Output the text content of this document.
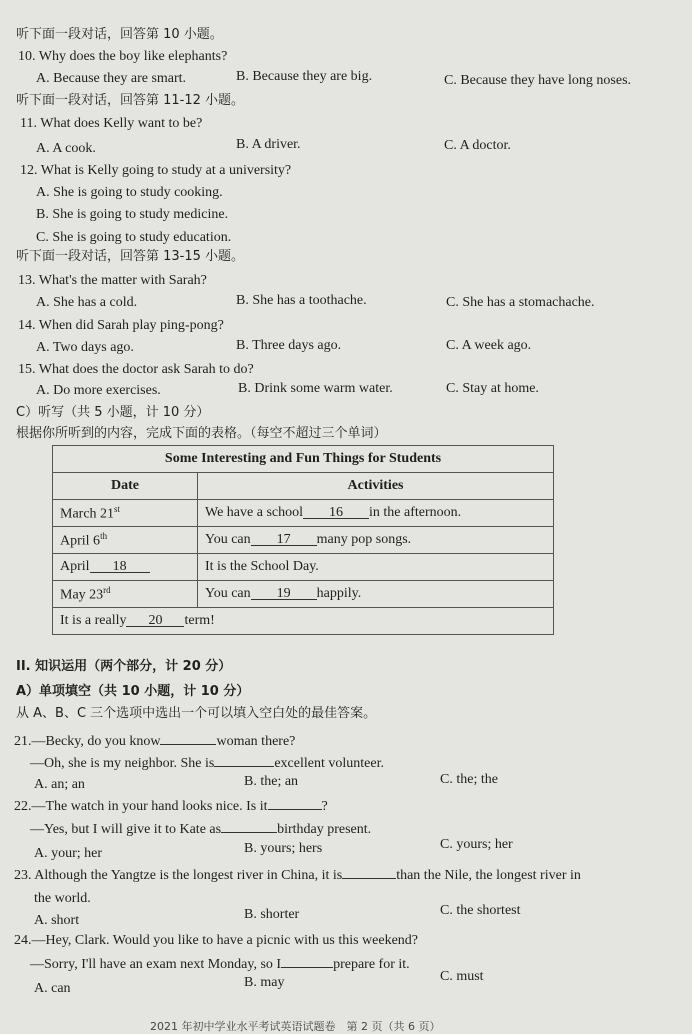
听下面一段对话，回答第 10 小题。
10. Why does the boy like elephants?
A. Because they are smart.	B. Because they are big.	C. Because they have long noses.
听下面一段对话，回答第 11-12 小题。
11. What does Kelly want to be?
A. A cook.	B. A driver.	C. A doctor.
12. What is Kelly going to study at a university?
A. She is going to study cooking.
B. She is going to study medicine.
C. She is going to study education.
听下面一段对话，回答第 13-15 小题。
13. What's the matter with Sarah?
A. She has a cold.	B. She has a toothache.	C. She has a stomachache.
14. When did Sarah play ping-pong?
A. Two days ago.	B. Three days ago.	C. A week ago.
15. What does the doctor ask Sarah to do?
A. Do more exercises.	B. Drink some warm water.	C. Stay at home.
C）听写（共 5 小题，计 10 分）
根据你所听到的内容，完成下面的表格。（每空不超过三个单词）
Some Interesting and Fun Things for Students	
Date	Activities
March 21st	We have a school 16 in the afternoon.
April 6th	You can 17 many pop songs.
April 18	It is the School Day.
May 23rd	You can 19 happily.
It is a really 20 term!	
II. 知识运用（两个部分，计 20 分）
A）单项填空（共 10 小题，计 10 分）
从 A、B、C 三个选项中选出一个可以填入空白处的最佳答案。
21.—Becky, do you know	woman there?
—Oh, she is my neighbor. She is	excellent volunteer.
A. an; an	B. the; an	C. the; the
22.—The watch in your hand looks nice. Is it	?
—Yes, but I will give it to Kate as	birthday present.
A. your; her	B. yours; hers	C. yours; her
23. Although the Yangtze is the longest river in China, it is	than the Nile, the longest river in
the world.
A. short	B. shorter	C. the shortest
24.—Hey, Clark. Would you like to have a picnic with us this weekend?
—Sorry, I'll have an exam next Monday, so I	prepare for it.
A. can	B. may	C. must
2021 年初中学业水平考试英语试题卷　第 2 页（共 6 页）
